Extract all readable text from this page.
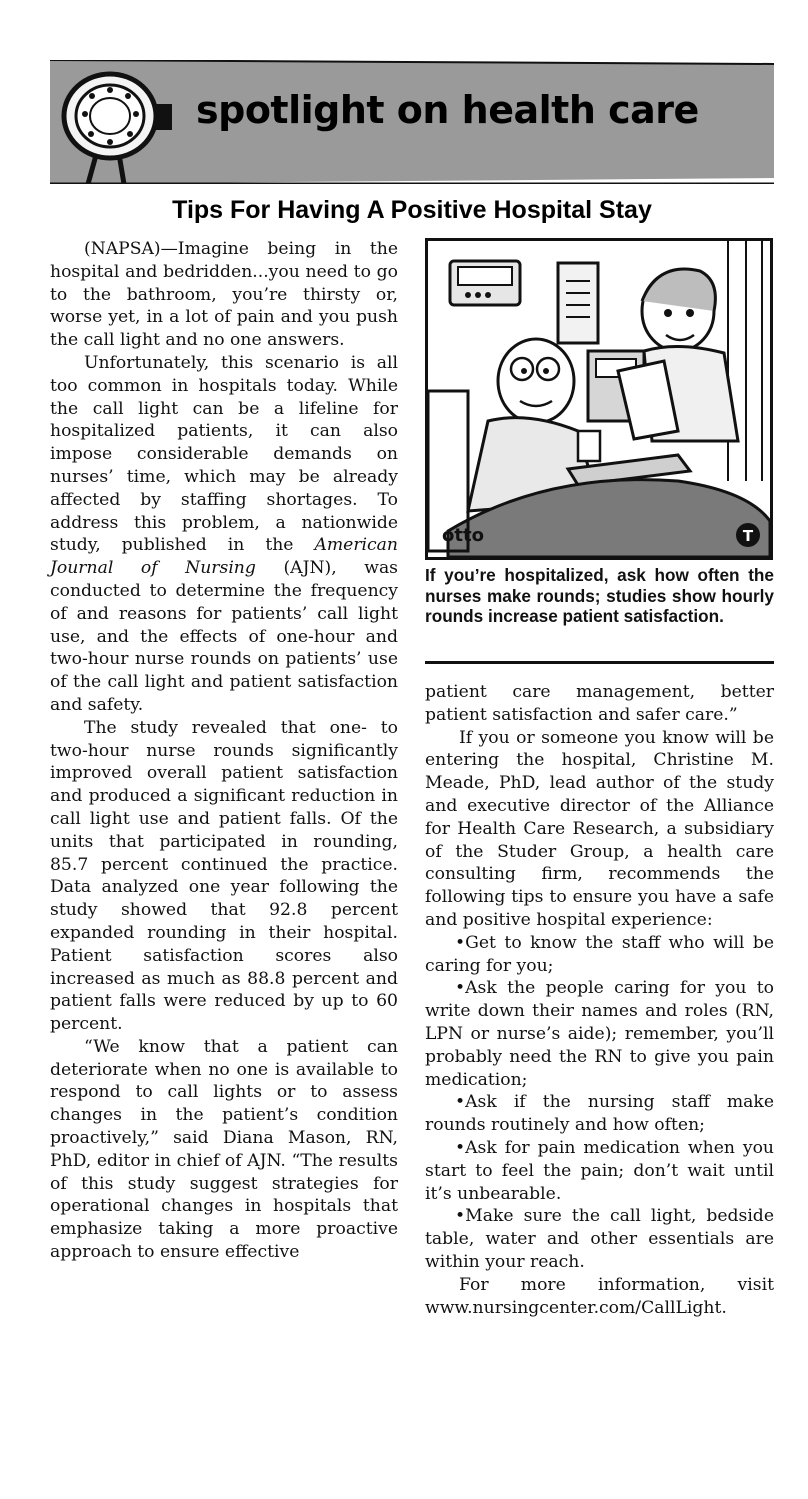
spotlight on health care
Tips For Having A Positive Hospital Stay

(NAPSA)—Imagine being in the hospital and bedridden...you need to go to the bathroom, you’re thirsty or, worse yet, in a lot of pain and you push the call light and no one answers.

Unfortunately, this scenario is all too common in hospitals today. While the call light can be a lifeline for hospitalized patients, it can also impose considerable demands on nurses’ time, which may be already affected by staffing shortages. To address this problem, a nationwide study, published in the American Journal of Nursing (AJN), was conducted to determine the frequency of and reasons for patients’ call light use, and the effects of one-hour and two-hour nurse rounds on patients’ use of the call light and patient satisfaction and safety.

The study revealed that one- to two-hour nurse rounds significantly improved overall patient satisfaction and produced a significant reduction in call light use and patient falls. Of the units that participated in rounding, 85.7 percent continued the practice. Data analyzed one year following the study showed that 92.8 percent expanded rounding in their hospital. Patient satisfaction scores also increased as much as 88.8 percent and patient falls were reduced by up to 60 percent.

“We know that a patient can deteriorate when no one is available to respond to call lights or to assess changes in the patient’s condition proactively,” said Diana Mason, RN, PhD, editor in chief of AJN. “The results of this study suggest strategies for operational changes in hospitals that emphasize taking a more proactive approach to ensure effective

otto	T
If you’re hospitalized, ask how often the nurses make rounds; studies show hourly rounds increase patient satisfaction.

patient care management, better patient satisfaction and safer care.”

If you or someone you know will be entering the hospital, Christine M. Meade, PhD, lead author of the study and executive director of the Alliance for Health Care Research, a subsidiary of the Studer Group, a health care consulting firm, recommends the following tips to ensure you have a safe and positive hospital experience:

•Get to know the staff who will be caring for you;

•Ask the people caring for you to write down their names and roles (RN, LPN or nurse’s aide); remember, you’ll probably need the RN to give you pain medication;

•Ask if the nursing staff make rounds routinely and how often;

•Ask for pain medication when you start to feel the pain; don’t wait until it’s unbearable.

•Make sure the call light, bedside table, water and other essentials are within your reach.

For more information, visit www.nursingcenter.com/CallLight.
